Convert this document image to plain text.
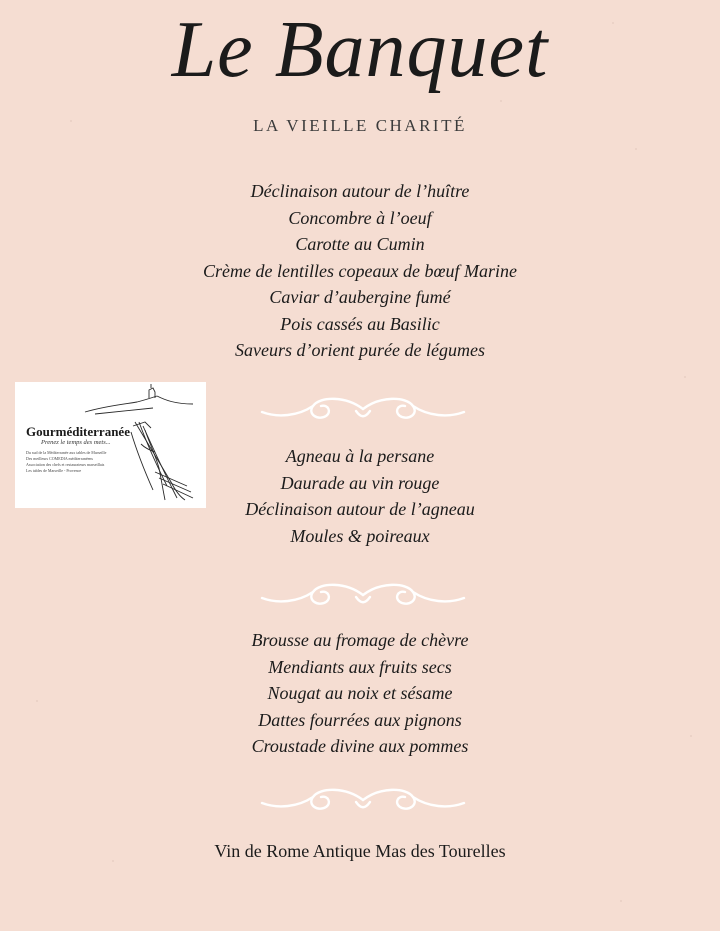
Le Banquet
LA VIEILLE CHARITÉ
Déclinaison autour de l’huître
Concombre à l’oeuf
Carotte au Cumin
Crème de lentilles copeaux de bœuf Marine
Caviar d’aubergine fumé
Pois cassés au Basilic
Saveurs d’orient purée de légumes
Agneau à la persane
Daurade au vin rouge
Déclinaison autour de l’agneau
Moules & poireaux
Brousse au fromage de chèvre
Mendiants aux fruits secs
Nougat au noix et sésame
Dattes fourrées aux pignons
Croustade divine aux pommes
Vin de Rome Antique Mas des Tourelles
Gourméditerranée
Prenez le temps des mets...
Du sud de la Méditerranée aux tables de Marseille
Des meilleurs COMEDIA méditerranéens
Association des chefs et restaurateurs marseillais
Les tables de Marseille - Provence
